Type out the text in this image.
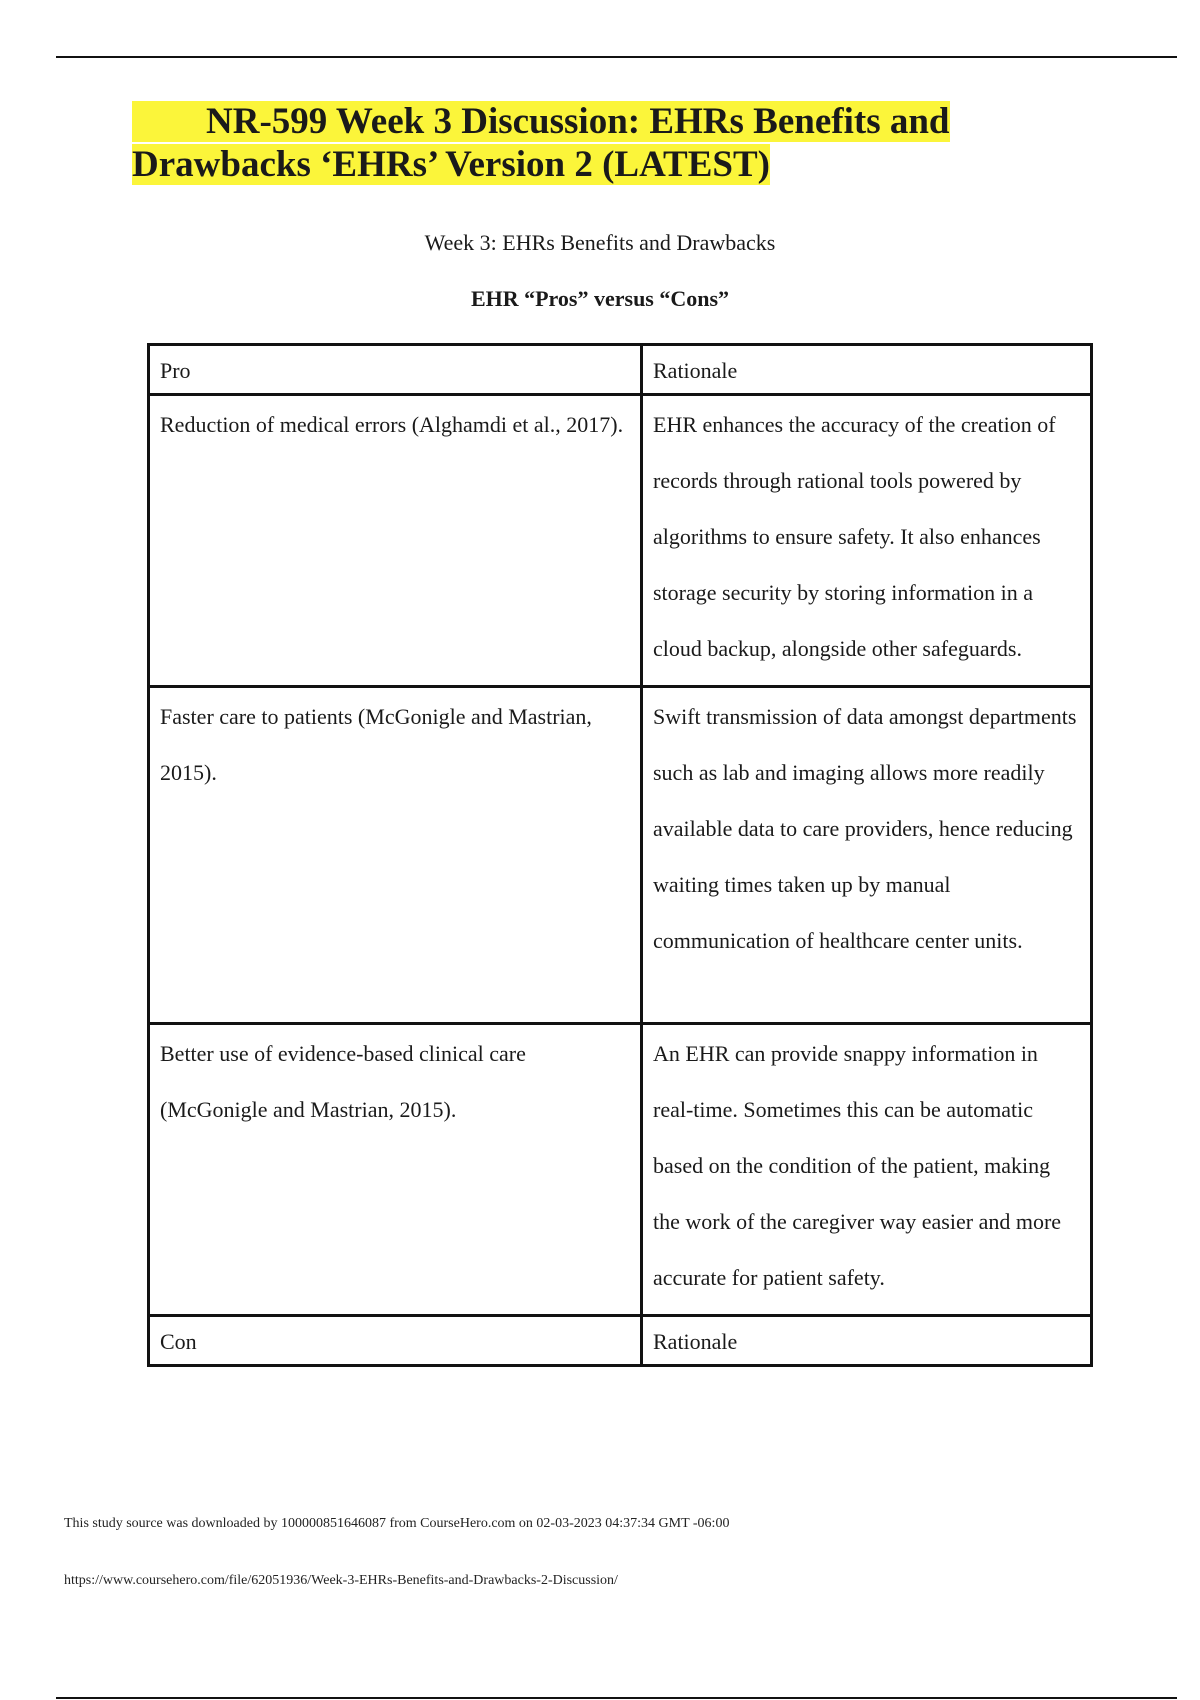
NR-599 Week 3 Discussion: EHRs Benefits and
Drawbacks ‘EHRs’ Version 2 (LATEST)

Week 3: EHRs Benefits and Drawbacks

EHR “Pros” versus “Cons”

Pro	Rationale
Reduction of medical errors (Alghamdi et al., 2017).	EHR enhances the accuracy of the creation of records through rational tools powered by algorithms to ensure safety. It also enhances storage security by storing information in a cloud backup, alongside other safeguards.
Faster care to patients (McGonigle and Mastrian, 2015).	Swift transmission of data amongst departments such as lab and imaging allows more readily available data to care providers, hence reducing waiting times taken up by manual communication of healthcare center units.
Better use of evidence-based clinical care (McGonigle and Mastrian, 2015).	An EHR can provide snappy information in real-time. Sometimes this can be automatic based on the condition of the patient, making the work of the caregiver way easier and more accurate for patient safety.
Con	Rationale

This study source was downloaded by 100000851646087 from CourseHero.com on 02-03-2023 04:37:34 GMT -06:00

https://www.coursehero.com/file/62051936/Week-3-EHRs-Benefits-and-Drawbacks-2-Discussion/
